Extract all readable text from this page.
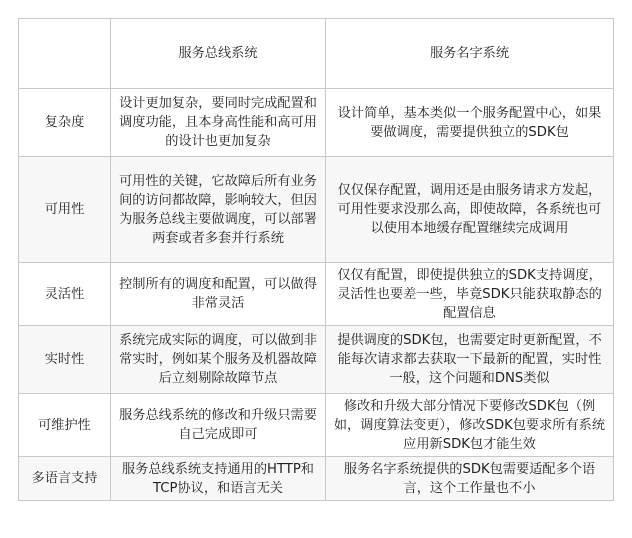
	服务总线系统	服务名字系统
复杂度	设计更加复杂，要同时完成配置和调度功能，且本身高性能和高可用的设计也更加复杂	设计简单，基本类似一个服务配置中心，如果要做调度，需要提供独立的SDK包
可用性	可用性的关键，它故障后所有业务间的访问都故障，影响较大，但因为服务总线主要做调度，可以部署两套或者多套并行系统	仅仅保存配置，调用还是由服务请求方发起，可用性要求没那么高，即使故障，各系统也可以使用本地缓存配置继续完成调用
灵活性	控制所有的调度和配置，可以做得非常灵活	仅仅有配置，即使提供独立的SDK支持调度，灵活性也要差一些，毕竟SDK只能获取静态的配置信息
实时性	系统完成实际的调度，可以做到非常实时，例如某个服务及机器故障后立刻剔除故障节点	提供调度的SDK包，也需要定时更新配置，不能每次请求都去获取一下最新的配置，实时性一般，这个问题和DNS类似
可维护性	服务总线系统的修改和升级只需要自己完成即可	修改和升级大部分情况下要修改SDK包（例如，调度算法变更），修改SDK包要求所有系统应用新SDK包才能生效
多语言支持	服务总线系统支持通用的HTTP和TCP协议，和语言无关	服务名字系统提供的SDK包需要适配多个语言，这个工作量也不小
